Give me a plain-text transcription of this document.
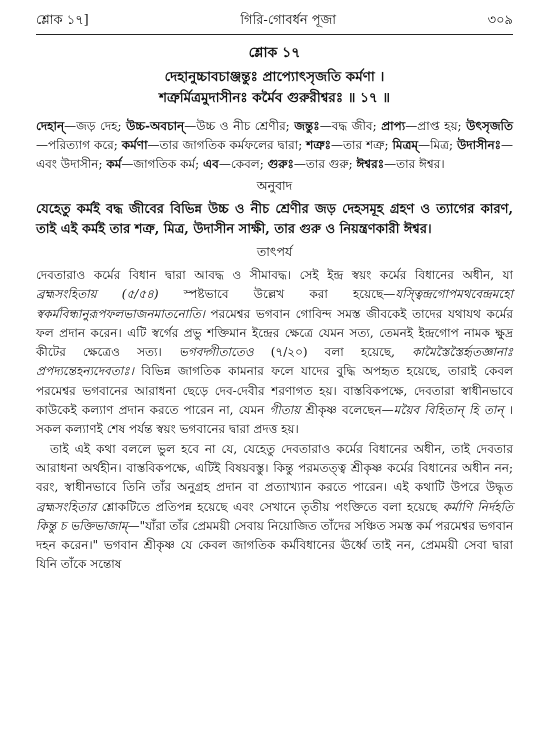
শ্লোক ১৭]	গিরি-গোবর্ধন পূজা	৩০৯
শ্লোক ১৭
দেহানুচ্চাবচাঞ্জন্তুঃ প্রাপ্যোৎসৃজতি কর্মণা ।
শত্রুর্মিত্রমুদাসীনঃ কর্মৈব গুরুরীশ্বরঃ ॥ ১৭ ॥
দেহান্—জড় দেহ; উচ্চ-অবচান্—উচ্চ ও নীচ শ্রেণীর; জন্তুঃ—বদ্ধ জীব; প্রাপ্য—প্রাপ্ত হয়; উৎসৃজতি—পরিত্যাগ করে; কর্মণা—তার জাগতিক কর্মফলের দ্বারা; শত্রুঃ—তার শত্রু; মিত্রম্—মিত্র; উদাসীনঃ—এবং উদাসীন; কর্ম—জাগতিক কর্ম; এব—কেবল; গুরুঃ—তার গুরু; ঈশ্বরঃ—তার ঈশ্বর।
অনুবাদ
যেহেতু কর্মই বদ্ধ জীবের বিভিন্ন উচ্চ ও নীচ শ্রেণীর জড় দেহসমূহ গ্রহণ ও ত্যাগের কারণ, তাই এই কর্মই তার শত্রু, মিত্র, উদাসীন সাক্ষী, তার গুরু ও নিয়ন্ত্রণকারী ঈশ্বর।
তাৎপর্য

দেবতারাও কর্মের বিধান দ্বারা আবদ্ধ ও সীমাবদ্ধ। সেই ইন্দ্র স্বয়ং কর্মের বিধানের অধীন, যা ব্রহ্মসংহিতায় (৫/৫৪) স্পষ্টভাবে উল্লেখ করা হয়েছে—যস্ত্বিন্দ্রগোপমথবেন্দ্রমহো স্বকর্মবিন্ধানুরূপফলভাজনমাতনোতি। পরমেশ্বর ভগবান গোবিন্দ সমস্ত জীবকেই তাদের যথাযথ কর্মের ফল প্রদান করেন। এটি স্বর্গের প্রভু শক্তিমান ইন্দ্রের ক্ষেত্রে যেমন সত্য, তেমনই ইন্দ্রগোপ নামক ক্ষুদ্র কীটের ক্ষেত্রেও সত্য। ভগবদ্গীতাতেও (৭/২০) বলা হয়েছে, কামৈস্তৈস্তৈর্হৃতজ্ঞানাঃ প্রপদ্যন্তেহন্যদেবতাঃ। বিভিন্ন জাগতিক কামনার ফলে যাদের বুদ্ধি অপহৃত হয়েছে, তারাই কেবল পরমেশ্বর ভগবানের আরাধনা ছেড়ে দেব-দেবীর শরণাগত হয়। বাস্তবিকপক্ষে, দেবতারা স্বাধীনভাবে কাউকেই কল্যাণ প্রদান করতে পারেন না, যেমন গীতায় শ্রীকৃষ্ণ বলেছেন—ময়ৈব বিহিতান্ হি তান্ । সকল কল্যাণই শেষ পর্যন্ত স্বয়ং ভগবানের দ্বারা প্রদত্ত হয়।

তাই এই কথা বললে ভুল হবে না যে, যেহেতু দেবতারাও কর্মের বিধানের অধীন, তাই দেবতার আরাধনা অর্থহীন। বাস্তবিকপক্ষে, এটিই বিষয়বস্তু। কিন্তু পরমতত্ত্ব শ্রীকৃষ্ণ কর্মের বিধানের অধীন নন; বরং, স্বাধীনভাবে তিনি তাঁর অনুগ্রহ প্রদান বা প্রত্যাখ্যান করতে পারেন। এই কথাটি উপরে উদ্ধৃত ব্রহ্মসংহিতার শ্লোকটিতে প্রতিপন্ন হয়েছে এবং সেখানে তৃতীয় পংক্তিতে বলা হয়েছে কর্মাণি নির্দহতি কিন্তু চ ভক্তিভাজাম্—"যাঁরা তাঁর প্রেমময়ী সেবায় নিয়োজিত তাঁদের সঞ্চিত সমস্ত কর্ম পরমেশ্বর ভগবান দহন করেন।" ভগবান শ্রীকৃষ্ণ যে কেবল জাগতিক কর্মবিধানের ঊর্ধ্বে তাই নন, প্রেমময়ী সেবা দ্বারা যিনি তাঁকে সন্তোষ
